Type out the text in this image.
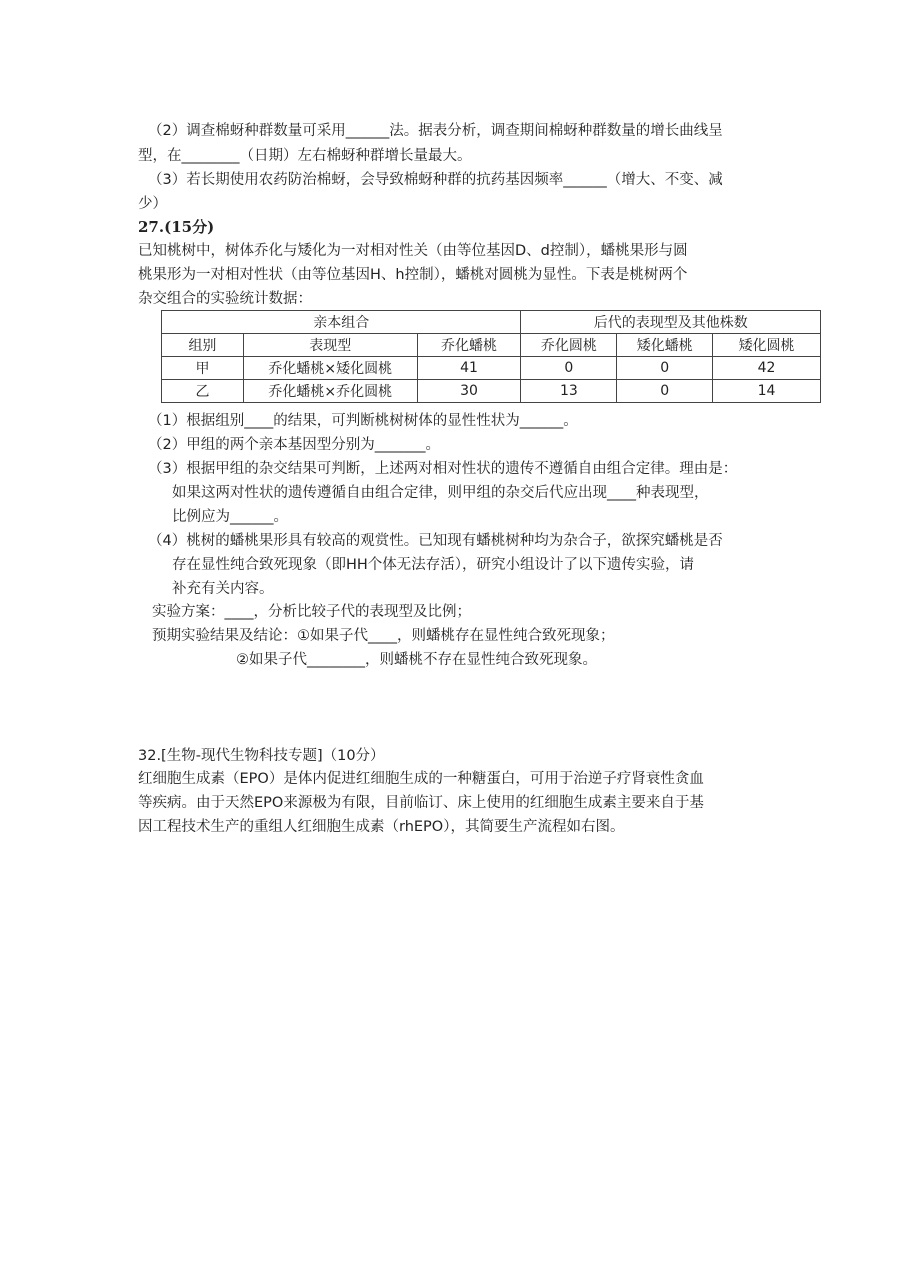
（2）调查棉蚜种群数量可采用______法。据表分析，调查期间棉蚜种群数量的增长曲线呈
型，在________（日期）左右棉蚜种群增长量最大。
（3）若长期使用农药防治棉蚜，会导致棉蚜种群的抗药基因频率______（增大、不变、减
少）
27.(15分)
已知桃树中，树体乔化与矮化为一对相对性关（由等位基因D、d控制），蟠桃果形与圆
桃果形为一对相对性状（由等位基因H、h控制），蟠桃对圆桃为显性。下表是桃树两个
杂交组合的实验统计数据：
亲本组合			后代的表现型及其他株数		
组别	表现型	乔化蟠桃	乔化圆桃	矮化蟠桃	矮化圆桃
甲	乔化蟠桃×矮化圆桃	41	0	0	42
乙	乔化蟠桃×乔化圆桃	30	13	0	14
（1）根据组别____的结果，可判断桃树树体的显性性状为______。
（2）甲组的两个亲本基因型分别为_______。
（3）根据甲组的杂交结果可判断，上述两对相对性状的遗传不遵循自由组合定律。理由是：
如果这两对性状的遗传遵循自由组合定律，则甲组的杂交后代应出现____种表现型，
比例应为______。
（4）桃树的蟠桃果形具有较高的观赏性。已知现有蟠桃树种均为杂合子，欲探究蟠桃是否
存在显性纯合致死现象（即HH个体无法存活），研究小组设计了以下遗传实验，请
补充有关内容。
实验方案：____，分析比较子代的表现型及比例；
预期实验结果及结论：①如果子代____，则蟠桃存在显性纯合致死现象；
②如果子代________，则蟠桃不存在显性纯合致死现象。
32.[生物-现代生物科技专题]（10分）
红细胞生成素（EPO）是体内促进红细胞生成的一种糖蛋白，可用于治逆子疗肾衰性贪血
等疾病。由于天然EPO来源极为有限，目前临订、床上使用的红细胞生成素主要来自于基
因工程技术生产的重组人红细胞生成素（rhEPO），其简要生产流程如右图。
